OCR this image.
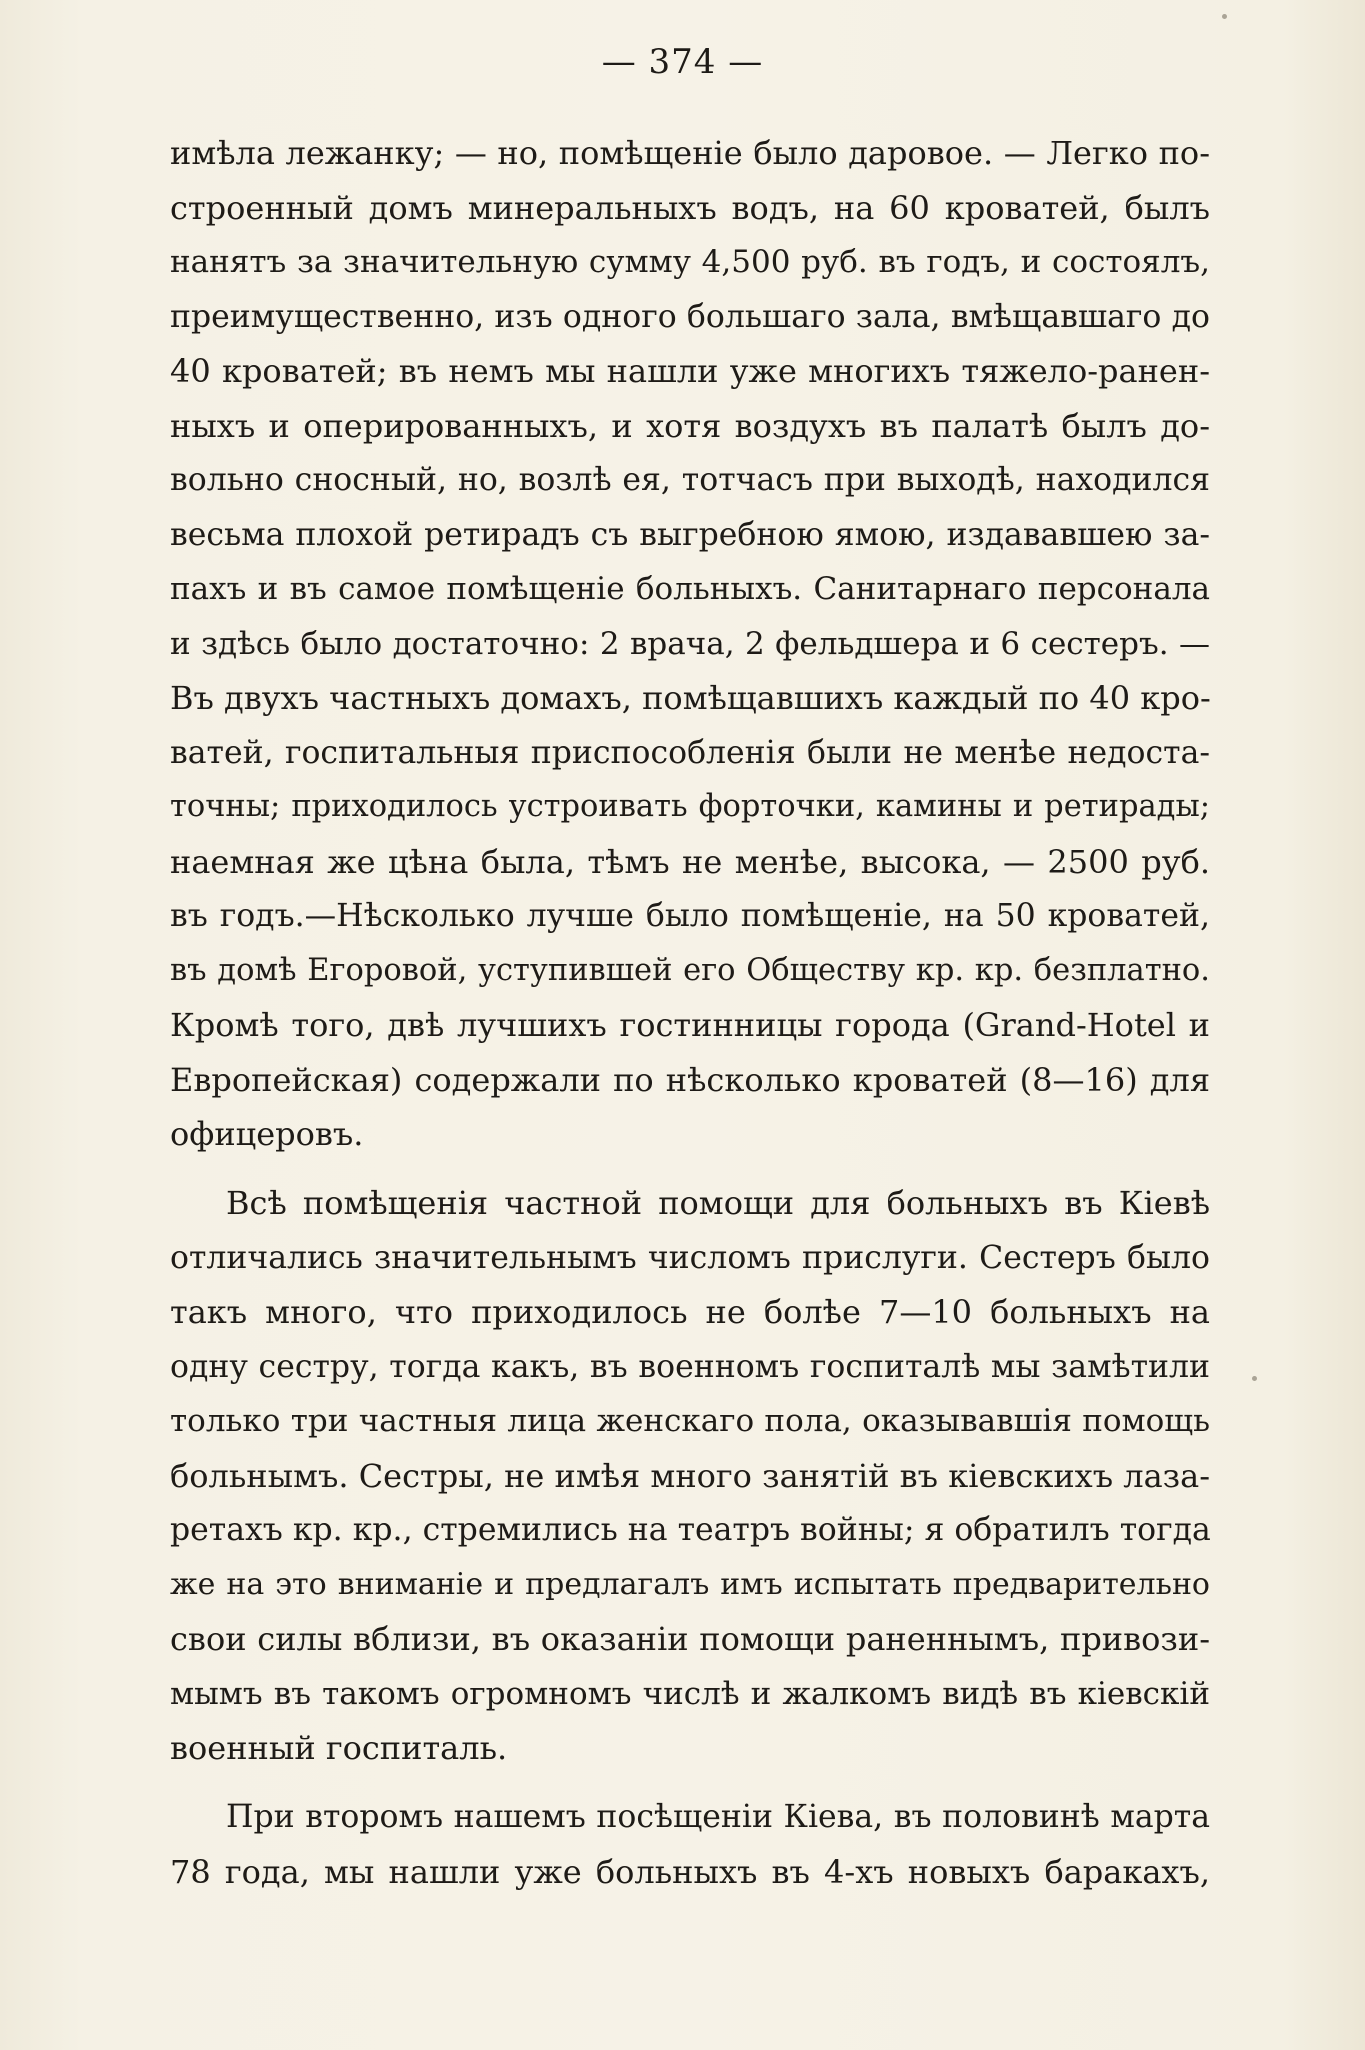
— 374 —
имѣла лежанку; — но, помѣщеніе было даровое. — Легко по-
строенный домъ минеральныхъ водъ, на 60 кроватей, былъ
нанятъ за значительную сумму 4,500 руб. въ годъ, и состоялъ,
преимущественно, изъ одного большаго зала, вмѣщавшаго до
40 кроватей; въ немъ мы нашли уже многихъ тяжело-ранен-
ныхъ и оперированныхъ, и хотя воздухъ въ палатѣ былъ до-
вольно сносный, но, возлѣ ея, тотчасъ при выходѣ, находился
весьма плохой ретирадъ съ выгребною ямою, издававшею за-
пахъ и въ самое помѣщеніе больныхъ. Санитарнаго персонала
и здѣсь было достаточно: 2 врача, 2 фельдшера и 6 сестеръ. —
Въ двухъ частныхъ домахъ, помѣщавшихъ каждый по 40 кро-
ватей, госпитальныя приспособленія были не менѣе недоста-
точны; приходилось устроивать форточки, камины и ретирады;
наемная же цѣна была, тѣмъ не менѣе, высока, — 2500 руб.
въ годъ.—Нѣсколько лучше было помѣщеніе, на 50 кроватей,
въ домѣ Егоровой, уступившей его Обществу кр. кр. безплатно.
Кромѣ того, двѣ лучшихъ гостинницы города (Grand-Hotel и
Европейская) содержали по нѣсколько кроватей (8—16) для
офицеровъ.
Всѣ помѣщенія частной помощи для больныхъ въ Кіевѣ
отличались значительнымъ числомъ прислуги. Сестеръ было
такъ много, что приходилось не болѣе 7—10 больныхъ на
одну сестру, тогда какъ, въ военномъ госпиталѣ мы замѣтили
только три частныя лица женскаго пола, оказывавшія помощь
больнымъ. Сестры, не имѣя много занятій въ кіевскихъ лаза-
ретахъ кр. кр., стремились на театръ войны; я обратилъ тогда
же на это вниманіе и предлагалъ имъ испытать предварительно
свои силы вблизи, въ оказаніи помощи раненнымъ, привози-
мымъ въ такомъ огромномъ числѣ и жалкомъ видѣ въ кіевскій
военный госпиталь.
При второмъ нашемъ посѣщеніи Кіева, въ половинѣ марта
78 года, мы нашли уже больныхъ въ 4-хъ новыхъ баракахъ,
